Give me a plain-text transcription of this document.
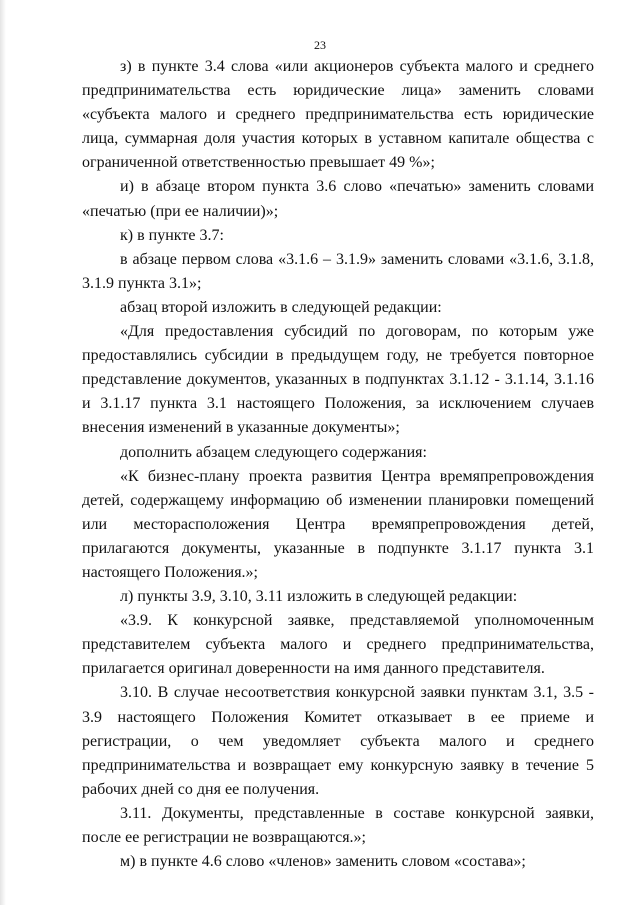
23

з) в пункте 3.4 слова «или акционеров субъекта малого и среднего предпринимательства есть юридические лица» заменить словами «субъекта малого и среднего предпринимательства есть юридические лица, суммарная доля участия которых в уставном капитале общества с ограниченной ответственностью превышает 49 %»;

и) в абзаце втором пункта 3.6 слово «печатью» заменить словами «печатью (при ее наличии)»;

к) в пункте 3.7:

в абзаце первом слова «3.1.6 – 3.1.9» заменить словами «3.1.6, 3.1.8, 3.1.9 пункта 3.1»;

абзац второй изложить в следующей редакции:

«Для предоставления субсидий по договорам, по которым уже предоставлялись субсидии в предыдущем году, не требуется повторное представление документов, указанных в подпунктах 3.1.12 - 3.1.14, 3.1.16 и 3.1.17 пункта 3.1 настоящего Положения, за исключением случаев внесения изменений в указанные документы»;

дополнить абзацем следующего содержания:

«К бизнес-плану проекта развития Центра времяпрепровождения детей, содержащему информацию об изменении планировки помещений или месторасположения Центра времяпрепровождения детей, прилагаются документы, указанные в подпункте 3.1.17 пункта 3.1 настоящего Положения.»;

л) пункты 3.9, 3.10, 3.11 изложить в следующей редакции:

«3.9. К конкурсной заявке, представляемой уполномоченным представителем субъекта малого и среднего предпринимательства, прилагается оригинал доверенности на имя данного представителя.

3.10. В случае несоответствия конкурсной заявки пунктам 3.1, 3.5 - 3.9 настоящего Положения Комитет отказывает в ее приеме и регистрации, о чем уведомляет субъекта малого и среднего предпринимательства и возвращает ему конкурсную заявку в течение 5 рабочих дней со дня ее получения.

3.11. Документы, представленные в составе конкурсной заявки, после ее регистрации не возвращаются.»;

м) в пункте 4.6 слово «членов» заменить словом «состава»;
